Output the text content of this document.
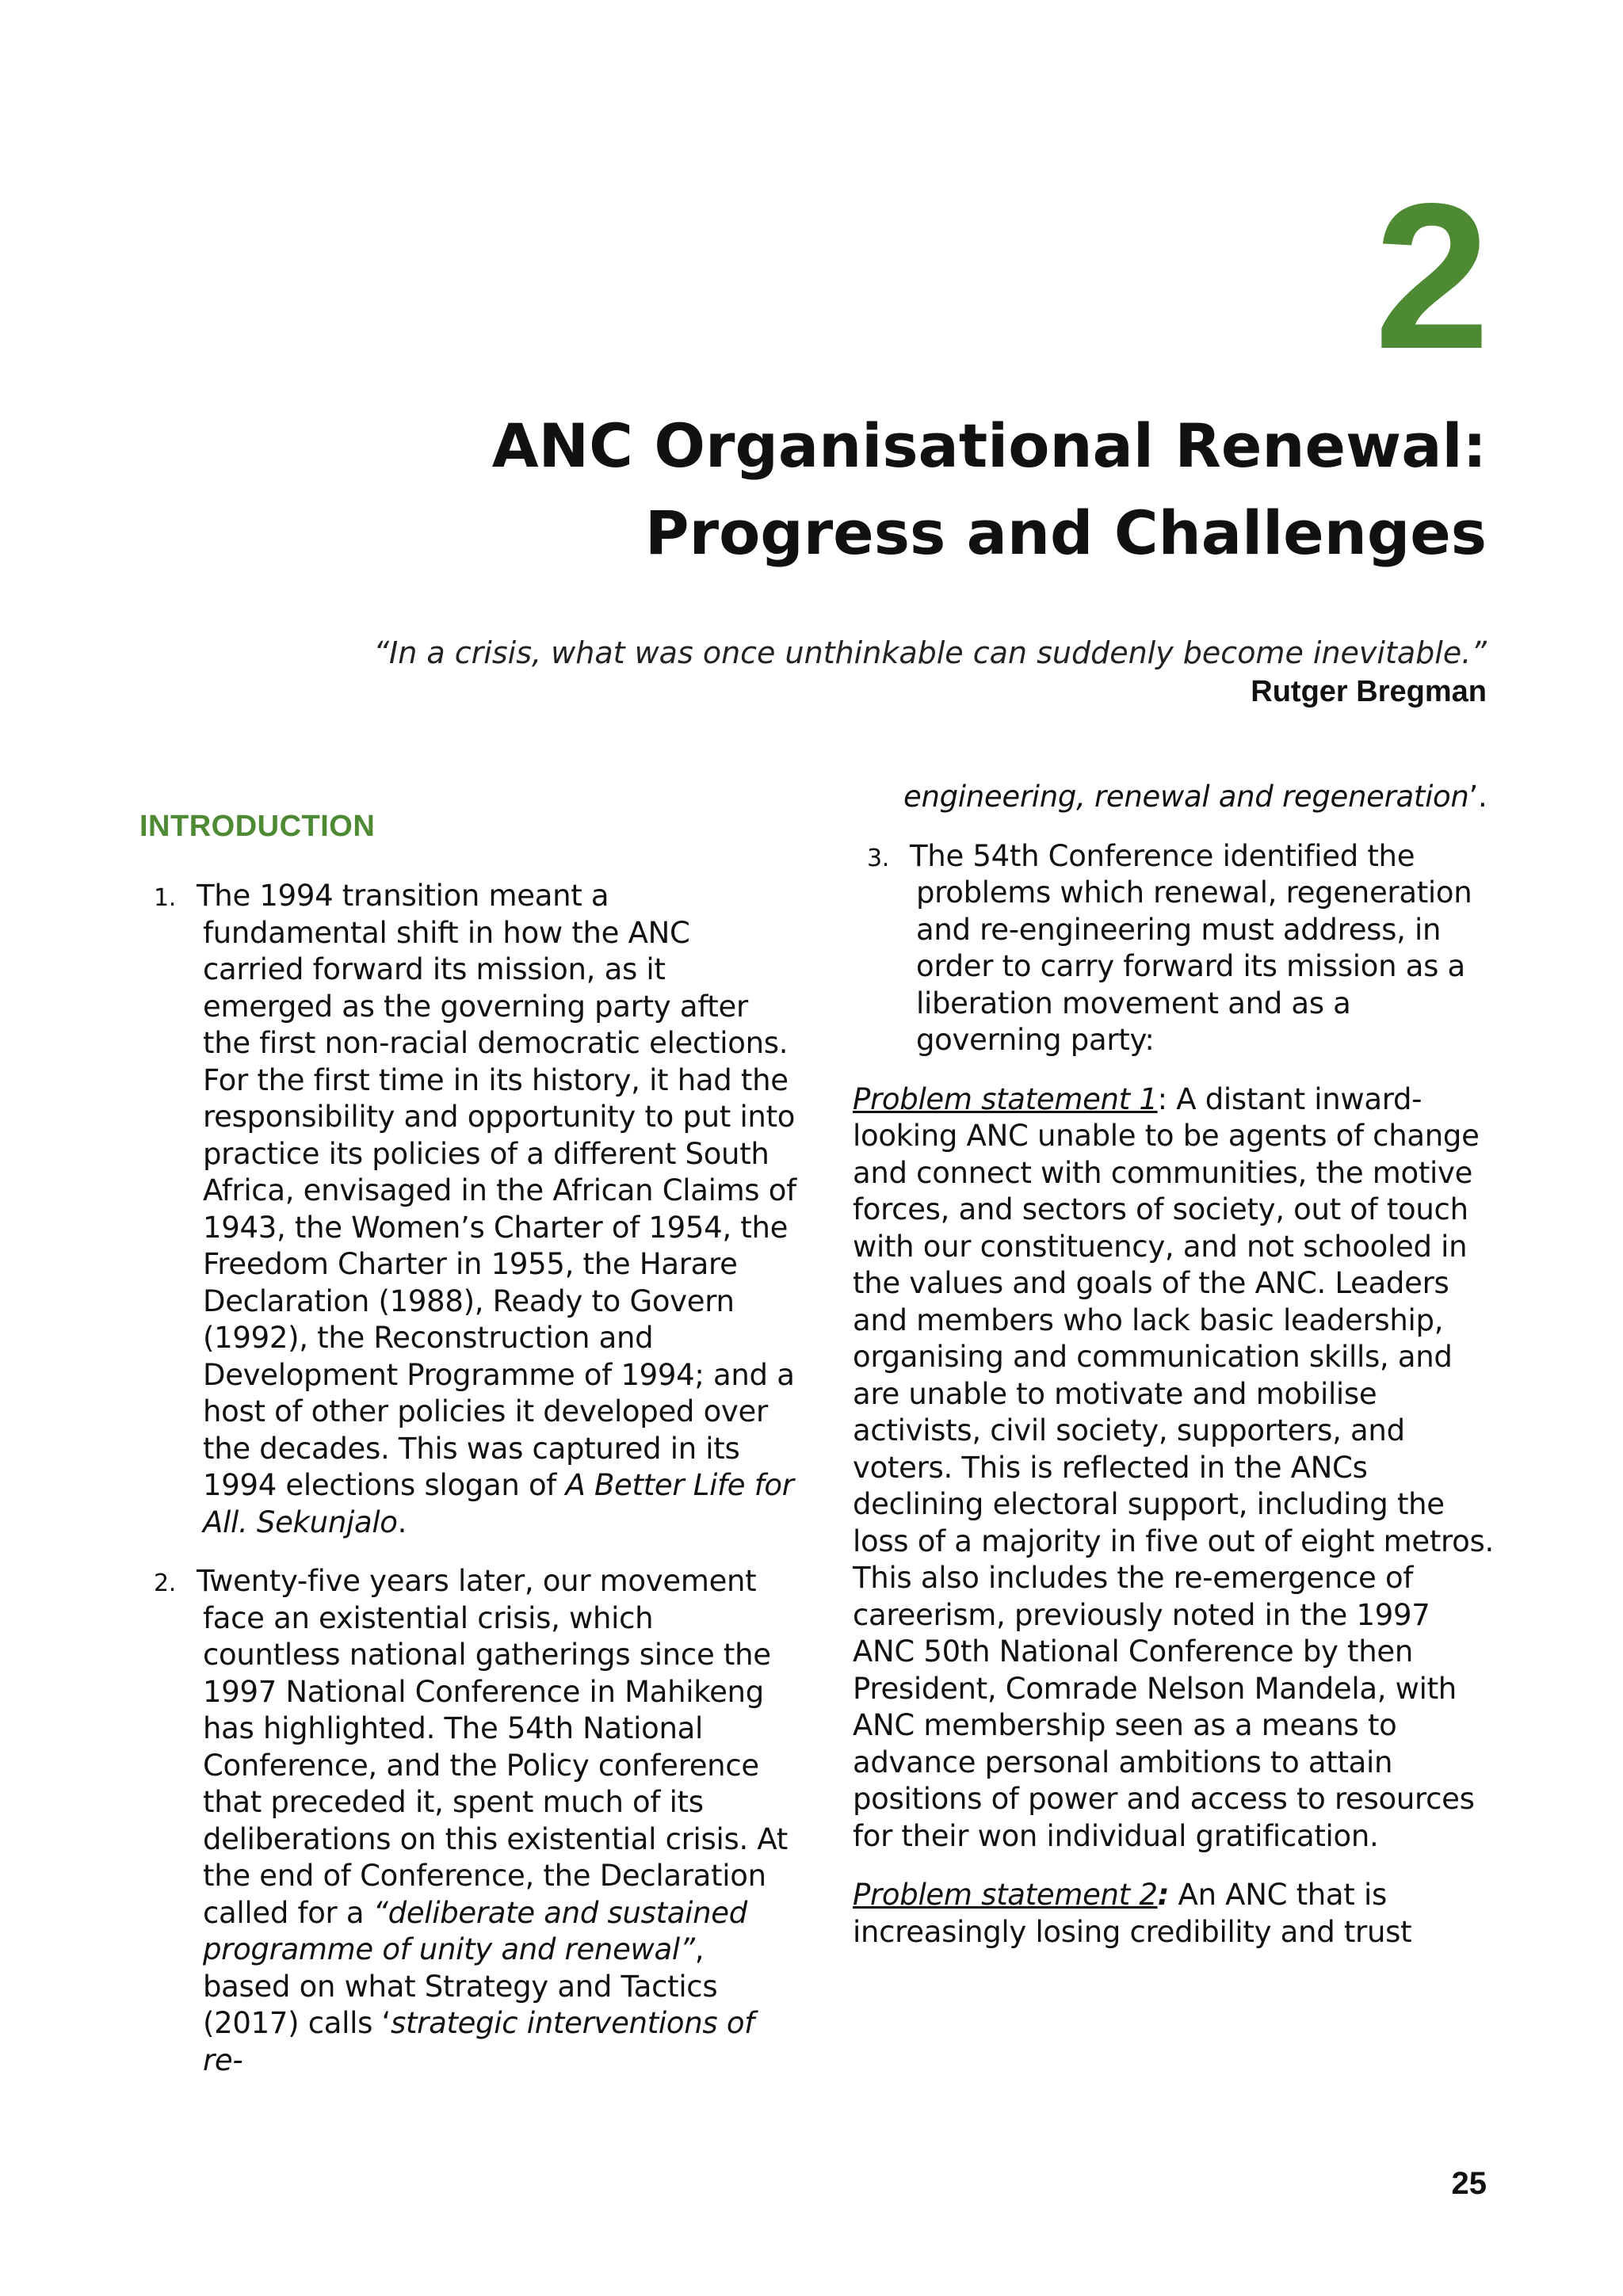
2
ANC Organisational Renewal:
Progress and Challenges
“In a crisis, what was once unthinkable can suddenly become inevitable.”
Rutger Bregman
INTRODUCTION
1. The 1994 transition meant a
fundamental shift in how the ANC carried forward its mission, as it emerged as the governing party after the first non-racial democratic elections. For the first time in its history, it had the responsibility and opportunity to put into practice its policies of a different South Africa, envisaged in the African Claims of 1943, the Women’s Charter of 1954, the Freedom Charter in 1955, the Harare Declaration (1988), Ready to Govern (1992), the Reconstruction and Development Programme of 1994; and a host of other policies it developed over the decades. This was captured in its 1994 elections slogan of A Better Life for All. Sekunjalo.
2. Twenty-five years later, our movement
face an existential crisis, which countless national gatherings since the 1997 National Conference in Mahikeng has highlighted. The 54th National Conference, and the Policy conference that preceded it, spent much of its deliberations on this existential crisis. At the end of Conference, the Declaration called for a “deliberate and sustained programme of unity and renewal”, based on what Strategy and Tactics (2017) calls ‘strategic interventions of re-
engineering, renewal and regeneration’.
3. The 54th Conference identified the
problems which renewal, regeneration and re-engineering must address, in order to carry forward its mission as a liberation movement and as a governing party:
Problem statement 1: A distant inward-looking ANC unable to be agents of change and connect with communities, the motive forces, and sectors of society, out of touch with our constituency, and not schooled in the values and goals of the ANC. Leaders and members who lack basic leadership, organising and communication skills, and are unable to motivate and mobilise activists, civil society, supporters, and voters. This is reflected in the ANCs declining electoral support, including the loss of a majority in five out of eight metros. This also includes the re-emergence of careerism, previously noted in the 1997 ANC 50th National Conference by then President, Comrade Nelson Mandela, with ANC membership seen as a means to advance personal ambitions to attain positions of power and access to resources for their won individual gratification.
Problem statement 2: An ANC that is increasingly losing credibility and trust
25
